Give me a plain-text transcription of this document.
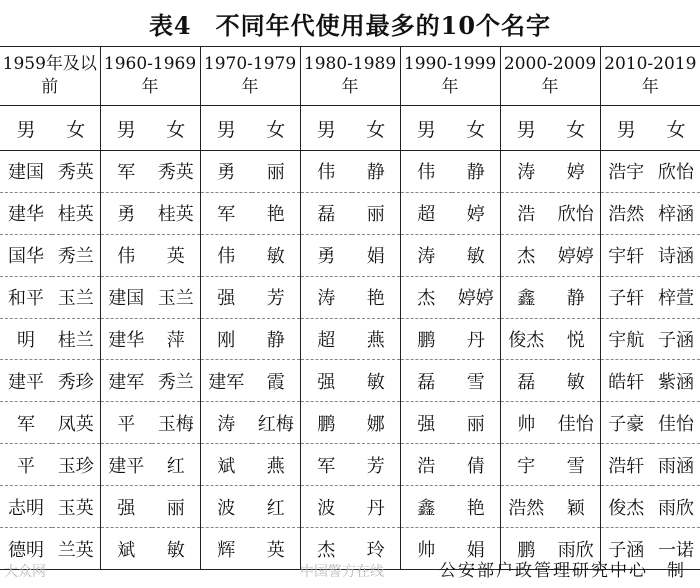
表4 不同年代使用最多的10个名字
1959年及以前		1960-1969年		1970-1979年		1980-1989年		1990-1999年		2000-2009年		2010-2019年	
男	女	男	女	男	女	男	女	男	女	男	女	男	女
建国	秀英	军	秀英	勇	丽	伟	静	伟	静	涛	婷	浩宇	欣怡
建华	桂英	勇	桂英	军	艳	磊	丽	超	婷	浩	欣怡	浩然	梓涵
国华	秀兰	伟	英	伟	敏	勇	娟	涛	敏	杰	婷婷	宇轩	诗涵
和平	玉兰	建国	玉兰	强	芳	涛	艳	杰	婷婷	鑫	静	子轩	梓萱
明	桂兰	建华	萍	刚	静	超	燕	鹏	丹	俊杰	悦	宇航	子涵
建平	秀珍	建军	秀兰	建军	霞	强	敏	磊	雪	磊	敏	皓轩	紫涵
军	凤英	平	玉梅	涛	红梅	鹏	娜	强	丽	帅	佳怡	子豪	佳怡
平	玉珍	建平	红	斌	燕	军	芳	浩	倩	宇	雪	浩轩	雨涵
志明	玉英	强	丽	波	红	波	丹	鑫	艳	浩然	颖	俊杰	雨欣
德明	兰英	斌	敏	辉	英	杰	玲	帅	娟	鹏	雨欣	子涵	一诺
大众网	中国警方在线	公安部户政管理研究中心　制
